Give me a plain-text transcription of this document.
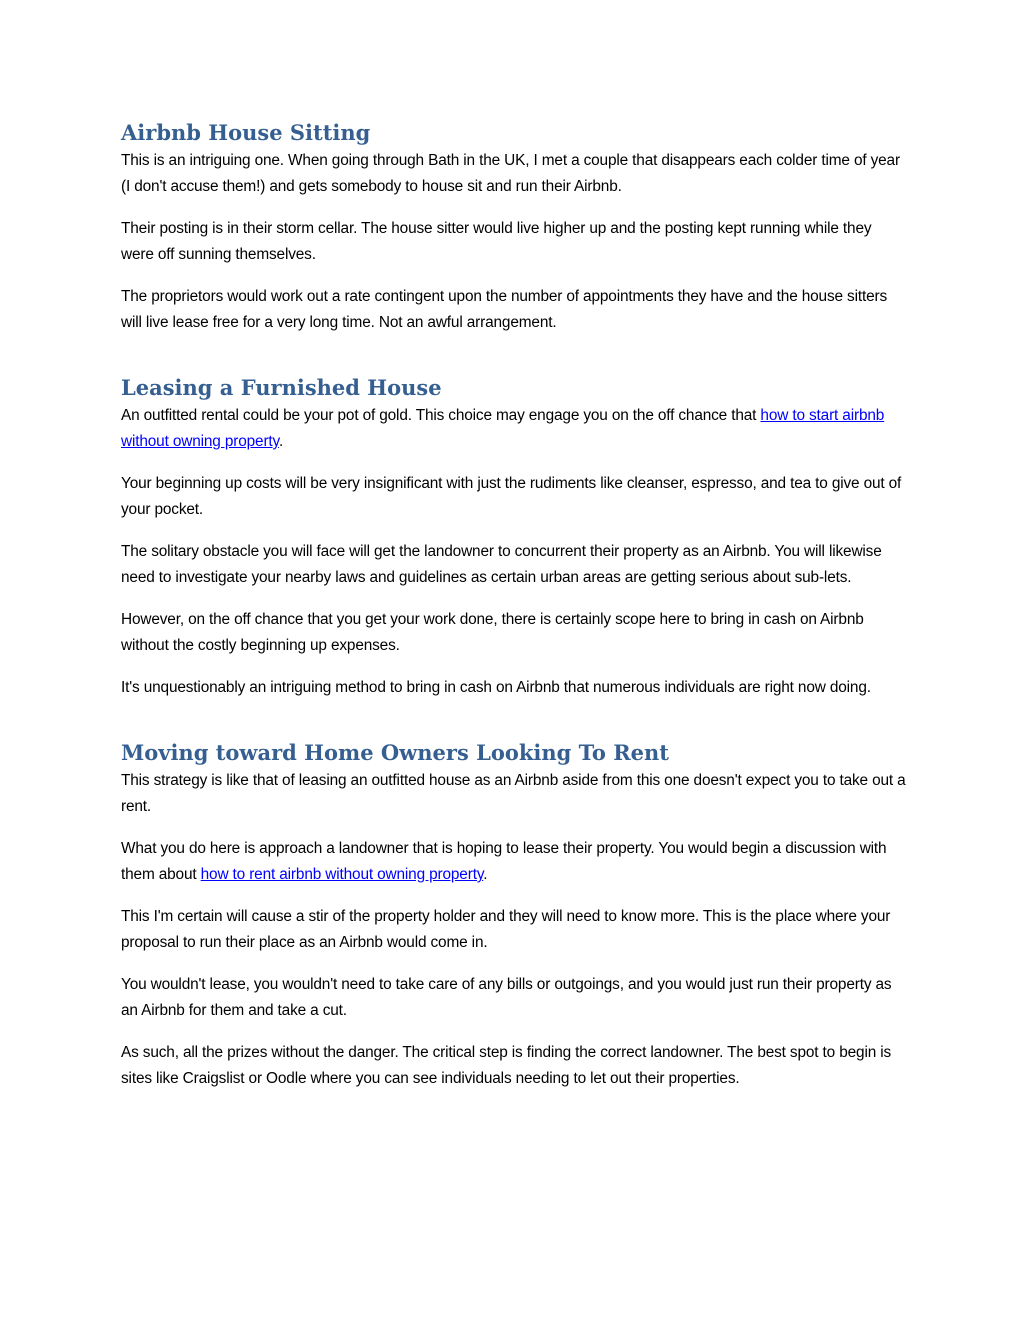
Airbnb House Sitting

This is an intriguing one. When going through Bath in the UK, I met a couple that disappears each colder time of year (I don't accuse them!) and gets somebody to house sit and run their Airbnb.

Their posting is in their storm cellar. The house sitter would live higher up and the posting kept running while they were off sunning themselves.

The proprietors would work out a rate contingent upon the number of appointments they have and the house sitters will live lease free for a very long time. Not an awful arrangement.

Leasing a Furnished House

An outfitted rental could be your pot of gold. This choice may engage you on the off chance that how to start airbnb without owning property.

Your beginning up costs will be very insignificant with just the rudiments like cleanser, espresso, and tea to give out of your pocket.

The solitary obstacle you will face will get the landowner to concurrent their property as an Airbnb. You will likewise need to investigate your nearby laws and guidelines as certain urban areas are getting serious about sub-lets.

However, on the off chance that you get your work done, there is certainly scope here to bring in cash on Airbnb without the costly beginning up expenses.

It's unquestionably an intriguing method to bring in cash on Airbnb that numerous individuals are right now doing.

Moving toward Home Owners Looking To Rent

This strategy is like that of leasing an outfitted house as an Airbnb aside from this one doesn't expect you to take out a rent.

What you do here is approach a landowner that is hoping to lease their property. You would begin a discussion with them about how to rent airbnb without owning property.

This I'm certain will cause a stir of the property holder and they will need to know more. This is the place where your proposal to run their place as an Airbnb would come in.

You wouldn't lease, you wouldn't need to take care of any bills or outgoings, and you would just run their property as an Airbnb for them and take a cut.

As such, all the prizes without the danger. The critical step is finding the correct landowner. The best spot to begin is sites like Craigslist or Oodle where you can see individuals needing to let out their properties.
